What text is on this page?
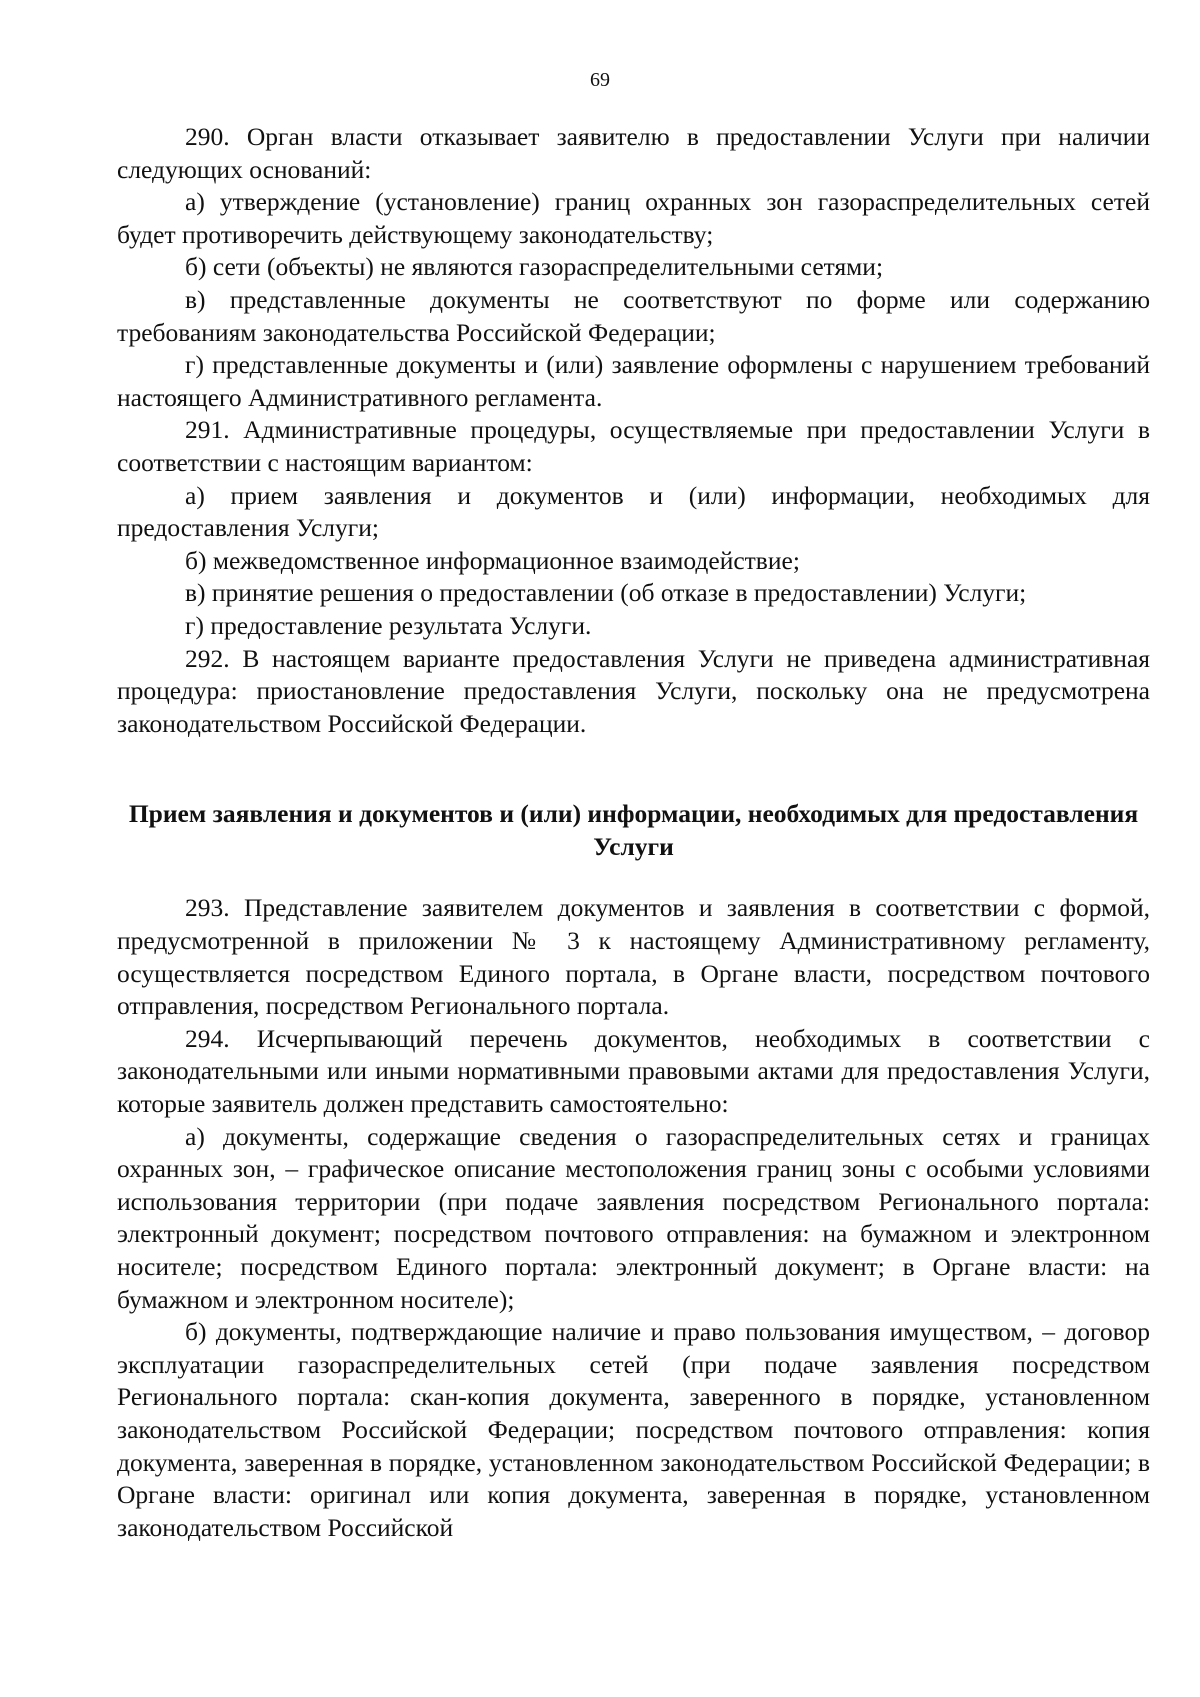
69

290. Орган власти отказывает заявителю в предоставлении Услуги при наличии следующих оснований:

а) утверждение (установление) границ охранных зон газораспределительных сетей будет противоречить действующему законодательству;

б) сети (объекты) не являются газораспределительными сетями;

в) представленные документы не соответствуют по форме или содержанию требованиям законодательства Российской Федерации;

г) представленные документы и (или) заявление оформлены с нарушением требований настоящего Административного регламента.

291. Административные процедуры, осуществляемые при предоставлении Услуги в соответствии с настоящим вариантом:

а) прием заявления и документов и (или) информации, необходимых для предоставления Услуги;

б) межведомственное информационное взаимодействие;

в) принятие решения о предоставлении (об отказе в предоставлении) Услуги;

г) предоставление результата Услуги.

292. В настоящем варианте предоставления Услуги не приведена административная процедура: приостановление предоставления Услуги, поскольку она не предусмотрена законодательством Российской Федерации.

Прием заявления и документов и (или) информации, необходимых для предоставления Услуги

293. Представление заявителем документов и заявления в соответствии с формой, предусмотренной в приложении № 3 к настоящему Административному регламенту, осуществляется посредством Единого портала, в Органе власти, посредством почтового отправления, посредством Регионального портала.

294. Исчерпывающий перечень документов, необходимых в соответствии с законодательными или иными нормативными правовыми актами для предоставления Услуги, которые заявитель должен представить самостоятельно:

а) документы, содержащие сведения о газораспределительных сетях и границах охранных зон, – графическое описание местоположения границ зоны с особыми условиями использования территории (при подаче заявления посредством Регионального портала: электронный документ; посредством почтового отправления: на бумажном и электронном носителе; посредством Единого портала: электронный документ; в Органе власти: на бумажном и электронном носителе);

б) документы, подтверждающие наличие и право пользования имуществом, – договор эксплуатации газораспределительных сетей (при подаче заявления посредством Регионального портала: скан-копия документа, заверенного в порядке, установленном законодательством Российской Федерации; посредством почтового отправления: копия документа, заверенная в порядке, установленном законодательством Российской Федерации; в Органе власти: оригинал или копия документа, заверенная в порядке, установленном законодательством Российской
